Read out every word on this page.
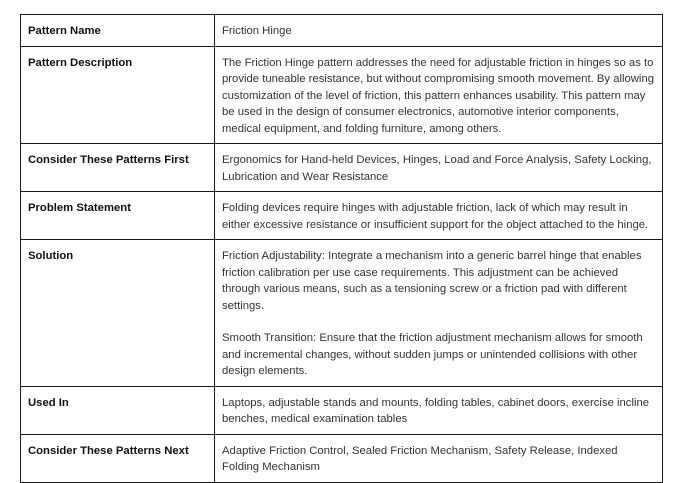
Pattern Name	Friction Hinge

Pattern Description	The Friction Hinge pattern addresses the need for adjustable friction in hinges so as to provide tuneable resistance, but without compromising smooth movement. By allowing customization of the level of friction, this pattern enhances usability. This pattern may be used in the design of consumer electronics, automotive interior components, medical equipment, and folding furniture, among others.

Consider These Patterns First	Ergonomics for Hand-held Devices, Hinges, Load and Force Analysis, Safety Locking, Lubrication and Wear Resistance

Problem Statement	Folding devices require hinges with adjustable friction, lack of which may result in either excessive resistance or insufficient support for the object attached to the hinge.

Solution	Friction Adjustability: Integrate a mechanism into a generic barrel hinge that enables friction calibration per use case requirements. This adjustment can be achieved through various means, such as a tensioning screw or a friction pad with different settings.
Smooth Transition: Ensure that the friction adjustment mechanism allows for smooth and incremental changes, without sudden jumps or unintended collisions with other design elements.

Used In	Laptops, adjustable stands and mounts, folding tables, cabinet doors, exercise incline benches, medical examination tables

Consider These Patterns Next	Adaptive Friction Control, Sealed Friction Mechanism, Safety Release, Indexed Folding Mechanism
